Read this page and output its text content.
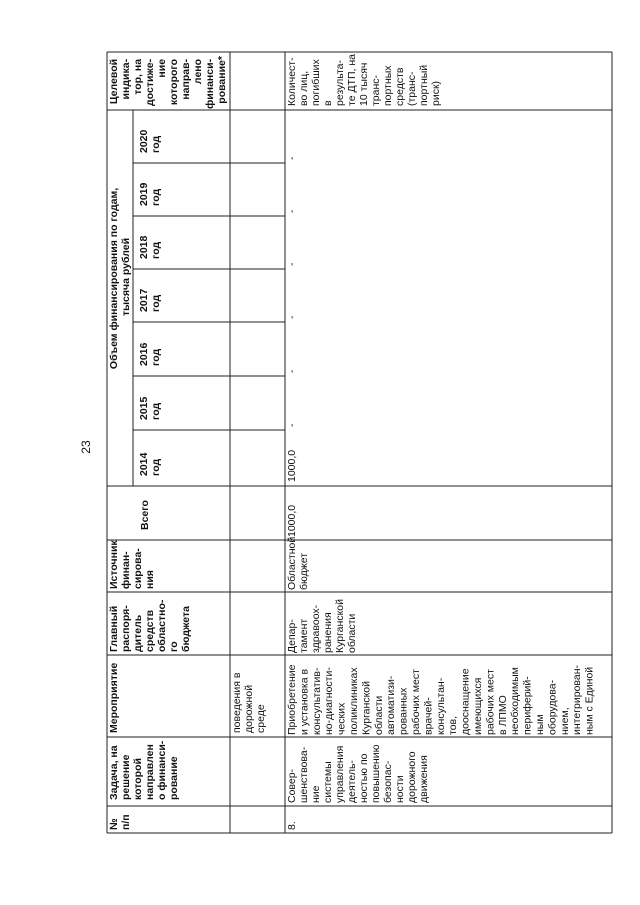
23
№ п/п
Задача, на решение которой направлен о финанси- рование
Мероприятие
Главный распоря- дитель средств областно- го бюджета
Источник финан- сирова- ния
Объем финансирования по годам, тысяча рублей
Всего
2014год
2015год
2016год
2017год
2018год
2019год
2020год
Целевой индика- тор, на достиже- ние которого направ- лено финанси- рование*
поведения в дорожной среде
8.
Совер- шенствова- ние системы управления деятель- ностью по повышению безопас- ности дорожного движения
Приобретение и установка в консультатив- но-диагности- ческих поликлиниках Курганской области автоматизи- рованных рабочих мест врачей- консультан- тов, дооснащение имеющихся рабочих мест в ЛПМО необходимым периферий- ным оборудова- нием, интегрирован- ным с Единой
Депар- тамент здравоох- ранения Курганской области
Областной бюджет
1000,0
1000,0
-
-
-
-
-
-
Количест- во лиц, погибших в результа- те ДТП, на 10 тысяч транс- портных средств (транс- портный риск)
